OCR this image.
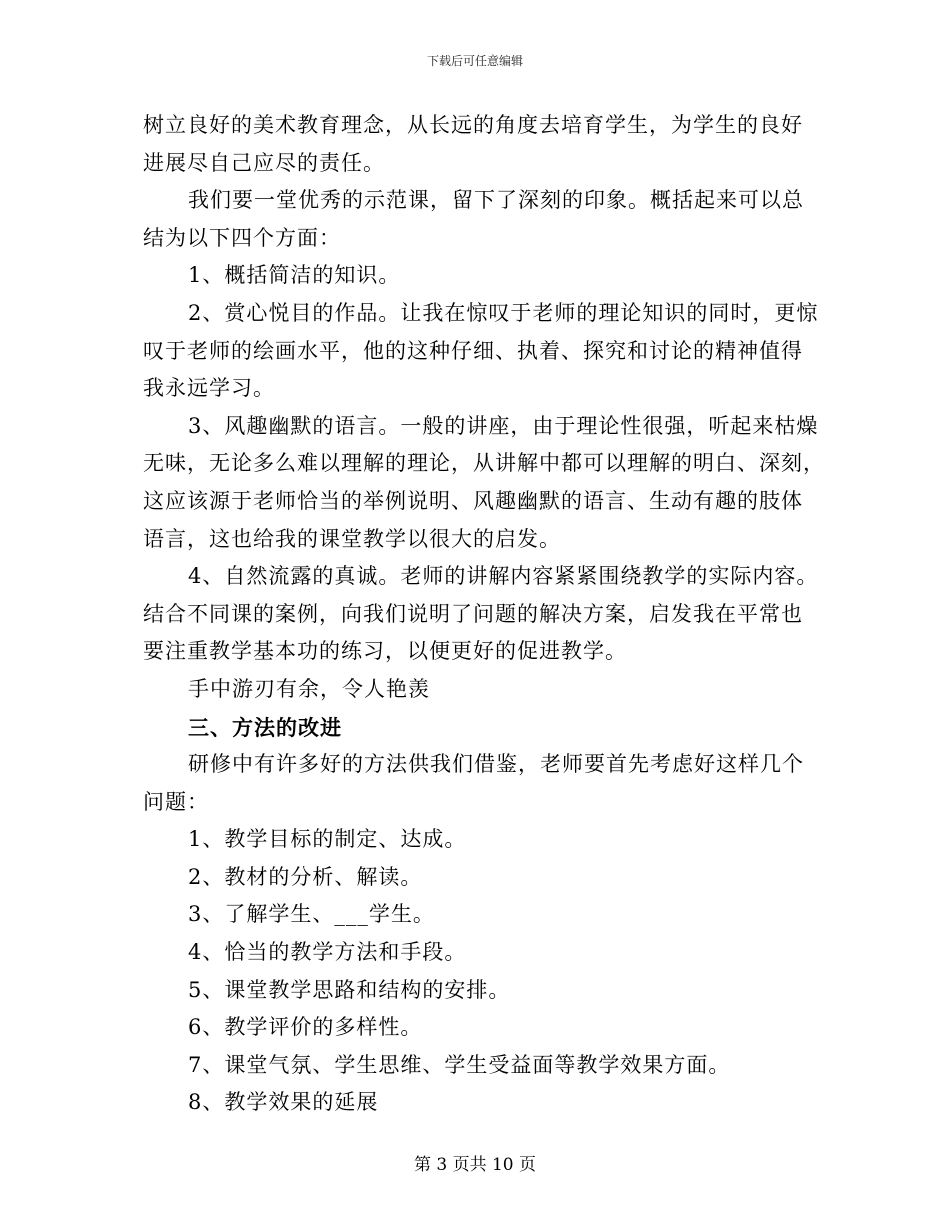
下载后可任意编辑
树立良好的美术教育理念，从长远的角度去培育学生，为学生的良好
进展尽自己应尽的责任。
我们要一堂优秀的示范课，留下了深刻的印象。概括起来可以总
结为以下四个方面：
1、概括简洁的知识。
2、赏心悦目的作品。让我在惊叹于老师的理论知识的同时，更惊
叹于老师的绘画水平，他的这种仔细、执着、探究和讨论的精神值得
我永远学习。
3、风趣幽默的语言。一般的讲座，由于理论性很强，听起来枯燥
无味，无论多么难以理解的理论，从讲解中都可以理解的明白、深刻，
这应该源于老师恰当的举例说明、风趣幽默的语言、生动有趣的肢体
语言，这也给我的课堂教学以很大的启发。
4、自然流露的真诚。老师的讲解内容紧紧围绕教学的实际内容。
结合不同课的案例，向我们说明了问题的解决方案，启发我在平常也
要注重教学基本功的练习，以便更好的促进教学。
手中游刃有余，令人艳羡
三、方法的改进
研修中有许多好的方法供我们借鉴，老师要首先考虑好这样几个
问题：
1、教学目标的制定、达成。
2、教材的分析、解读。
3、了解学生、___学生。
4、恰当的教学方法和手段。
5、课堂教学思路和结构的安排。
6、教学评价的多样性。
7、课堂气氛、学生思维、学生受益面等教学效果方面。
8、教学效果的延展
第 3 页共 10 页
